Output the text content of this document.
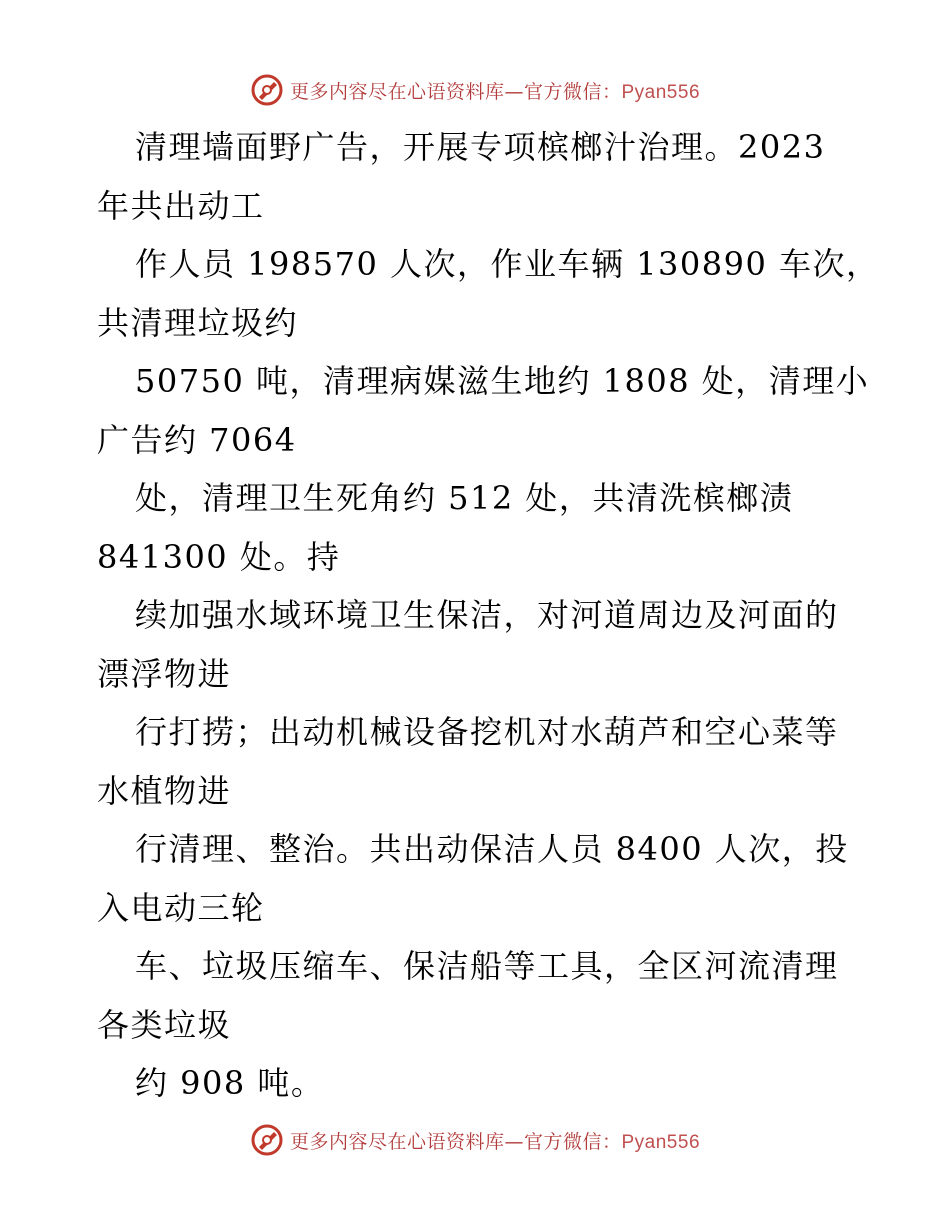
更多内容尽在心语资料库—官方微信：Pyan556
清理墙面野广告，开展专项槟榔汁治理。2023
年共出动工
作人员 198570 人次，作业车辆 130890 车次，
共清理垃圾约
50750 吨，清理病媒滋生地约 1808 处，清理小
广告约 7064
处，清理卫生死角约 512 处，共清洗槟榔渍
841300 处。持
续加强水域环境卫生保洁，对河道周边及河面的
漂浮物进
行打捞；出动机械设备挖机对水葫芦和空心菜等
水植物进
行清理、整治。共出动保洁人员 8400 人次，投
入电动三轮
车、垃圾压缩车、保洁船等工具，全区河流清理
各类垃圾
约 908 吨。
更多内容尽在心语资料库—官方微信：Pyan556
